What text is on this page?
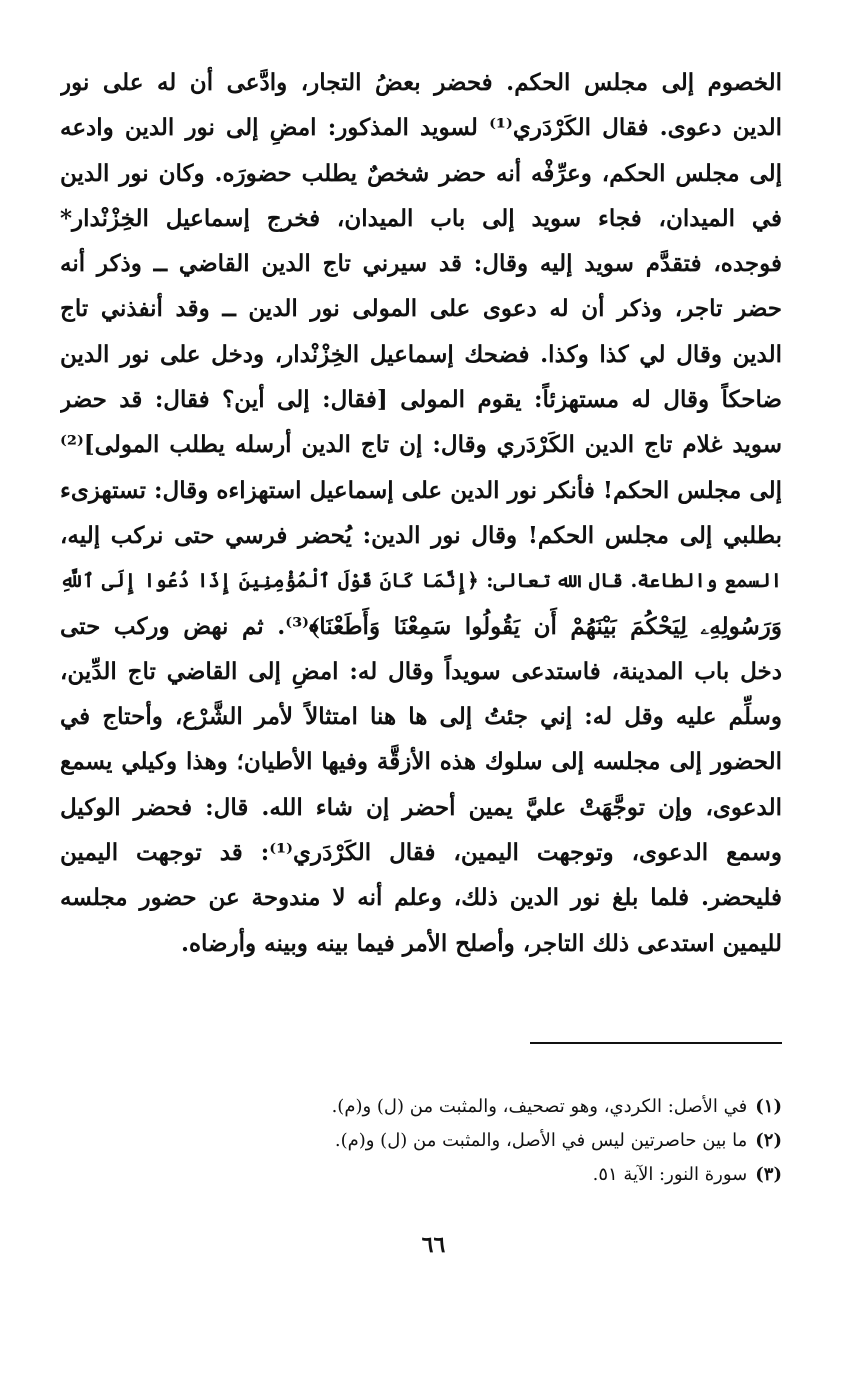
الخصوم إلى مجلس الحكم. فحضر بعضُ التجار، وادَّعى أن له على نور
الدين دعوى. فقال الكَرْدَري⁽¹⁾ لسويد المذكور: امضِ إلى نور الدين وادعه
إلى مجلس الحكم، وعرِّفْه أنه حضر شخصٌ يطلب حضورَه. وكان نور الدين
في الميدان، فجاء سويد إلى باب الميدان، فخرج إسماعيل الخِزْنْدار*
فوجده، فتقدَّم سويد إليه وقال: قد سيرني تاج الدين القاضي ــ وذكر أنه
حضر تاجر، وذكر أن له دعوى على المولى نور الدين ــ وقد أنفذني تاج
الدين وقال لي كذا وكذا. فضحك إسماعيل الخِزْنْدار، ودخل على نور الدين
ضاحكاً وقال له مستهزئاً: يقوم المولى [فقال: إلى أين؟ فقال: قد حضر
سويد غلام تاج الدين الكَرْدَري وقال: إن تاج الدين أرسله يطلب المولى]⁽²⁾
إلى مجلس الحكم! فأنكر نور الدين على إسماعيل استهزاءه وقال: تستهزىء
بطلبي إلى مجلس الحكم! وقال نور الدين: يُحضر فرسي حتى نركب إليه،
السمع والطاعة. قال الله تعالى: ﴿إِنَّمَا كَانَ قَوْلَ ٱلْمُؤْمِنِينَ إِذَا دُعُوا إِلَى ٱللَّهِ
وَرَسُولِهِۦ لِيَحْكُمَ بَيْنَهُمْ أَن يَقُولُوا سَمِعْنَا وَأَطَعْنَا﴾⁽³⁾. ثم نهض وركب حتى
دخل باب المدينة، فاستدعى سويداً وقال له: امضِ إلى القاضي تاج الدِّين،
وسلِّم عليه وقل له: إني جئتُ إلى ها هنا امتثالاً لأمر الشَّرْع، وأحتاج في
الحضور إلى مجلسه إلى سلوك هذه الأزقَّة وفيها الأطيان؛ وهذا وكيلي يسمع
الدعوى، وإن توجَّهَتْ عليَّ يمين أحضر إن شاء الله. قال: فحضر الوكيل
وسمع الدعوى، وتوجهت اليمين، فقال الكَرْدَري⁽¹⁾: قد توجهت اليمين
فليحضر. فلما بلغ نور الدين ذلك، وعلم أنه لا مندوحة عن حضور مجلسه
لليمين استدعى ذلك التاجر، وأصلح الأمر فيما بينه وبينه وأرضاه.
(١)في الأصل: الكردي، وهو تصحيف، والمثبت من (ل) و(م).
(٢)ما بين حاصرتين ليس في الأصل، والمثبت من (ل) و(م).
(٣)سورة النور: الآية ٥١.
٦٦
